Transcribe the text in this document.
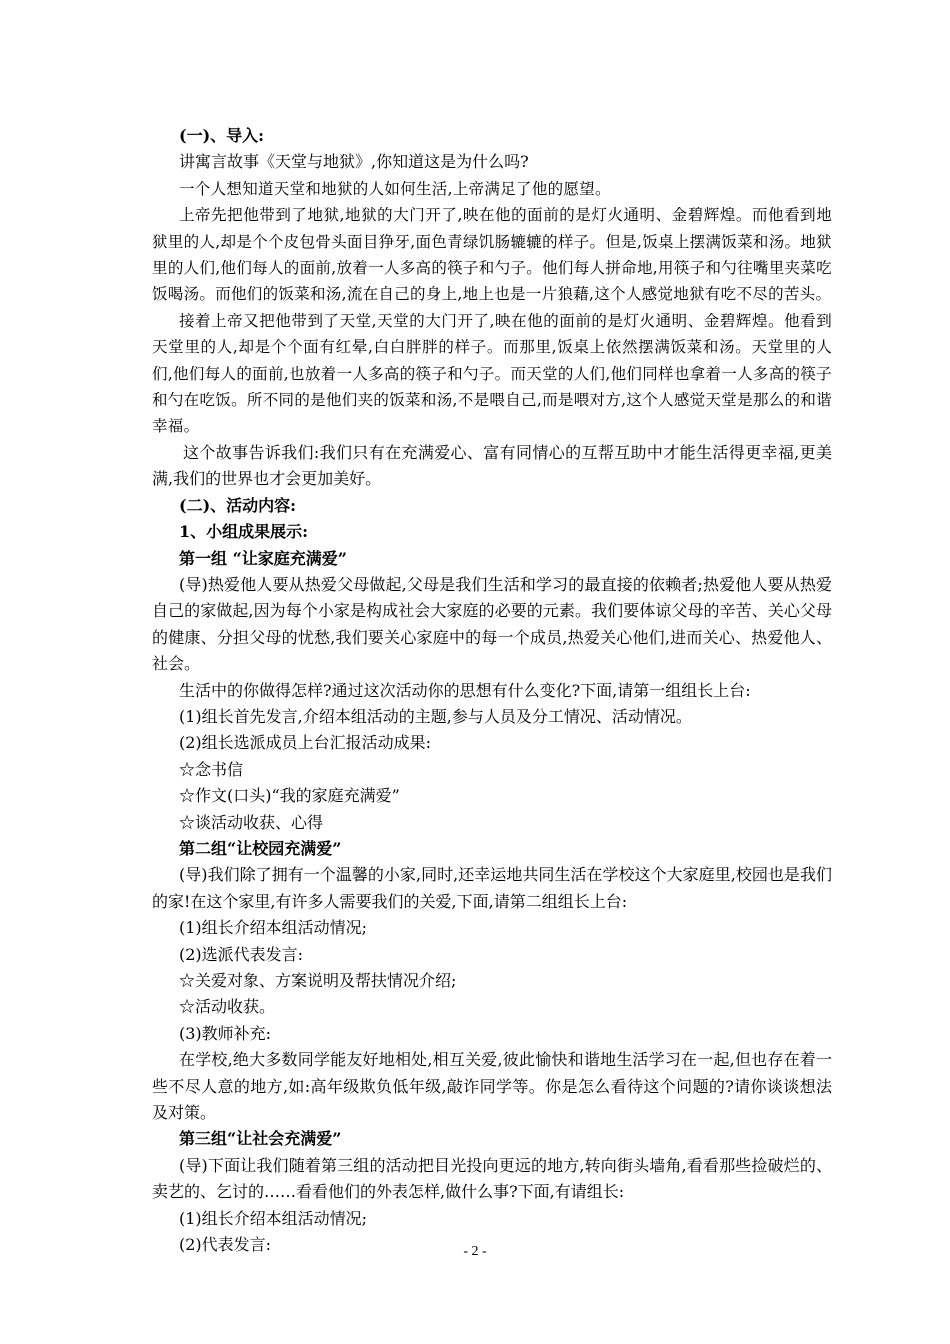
(一)、导入:

讲寓言故事《天堂与地狱》,你知道这是为什么吗?

一个人想知道天堂和地狱的人如何生活,上帝满足了他的愿望。

上帝先把他带到了地狱,地狱的大门开了,映在他的面前的是灯火通明、金碧辉煌。而他看到地狱里的人,却是个个皮包骨头面目狰牙,面色青绿饥肠辘辘的样子。但是,饭桌上摆满饭菜和汤。地狱里的人们,他们每人的面前,放着一人多高的筷子和勺子。他们每人拼命地,用筷子和勺往嘴里夹菜吃饭喝汤。而他们的饭菜和汤,流在自己的身上,地上也是一片狼藉,这个人感觉地狱有吃不尽的苦头。

接着上帝又把他带到了天堂,天堂的大门开了,映在他的面前的是灯火通明、金碧辉煌。他看到天堂里的人,却是个个面有红晕,白白胖胖的样子。而那里,饭桌上依然摆满饭菜和汤。天堂里的人们,他们每人的面前,也放着一人多高的筷子和勺子。而天堂的人们,他们同样也拿着一人多高的筷子和勺在吃饭。所不同的是他们夹的饭菜和汤,不是喂自己,而是喂对方,这个人感觉天堂是那么的和谐幸福。

这个故事告诉我们:我们只有在充满爱心、富有同情心的互帮互助中才能生活得更幸福,更美满,我们的世界也才会更加美好。

(二)、活动内容:

1、小组成果展示:

第一组 “让家庭充满爱”

(导)热爱他人要从热爱父母做起,父母是我们生活和学习的最直接的依赖者;热爱他人要从热爱自己的家做起,因为每个小家是构成社会大家庭的必要的元素。我们要体谅父母的辛苦、关心父母的健康、分担父母的忧愁,我们要关心家庭中的每一个成员,热爱关心他们,进而关心、热爱他人、社会。

生活中的你做得怎样?通过这次活动你的思想有什么变化?下面,请第一组组长上台:

(1)组长首先发言,介绍本组活动的主题,参与人员及分工情况、活动情况。

(2)组长选派成员上台汇报活动成果:

☆念书信

☆作文(口头)“我的家庭充满爱”

☆谈活动收获、心得

第二组“让校园充满爱”

(导)我们除了拥有一个温馨的小家,同时,还幸运地共同生活在学校这个大家庭里,校园也是我们的家!在这个家里,有许多人需要我们的关爱,下面,请第二组组长上台:

(1)组长介绍本组活动情况;

(2)选派代表发言:

☆关爱对象、方案说明及帮扶情况介绍;

☆活动收获。

(3)教师补充:

在学校,绝大多数同学能友好地相处,相互关爱,彼此愉快和谐地生活学习在一起,但也存在着一些不尽人意的地方,如:高年级欺负低年级,敲诈同学等。你是怎么看待这个问题的?请你谈谈想法及对策。

第三组“让社会充满爱”

(导)下面让我们随着第三组的活动把目光投向更远的地方,转向街头墙角,看看那些捡破烂的、卖艺的、乞讨的……看看他们的外表怎样,做什么事?下面,有请组长:

(1)组长介绍本组活动情况;

(2)代表发言:	- 2 -
